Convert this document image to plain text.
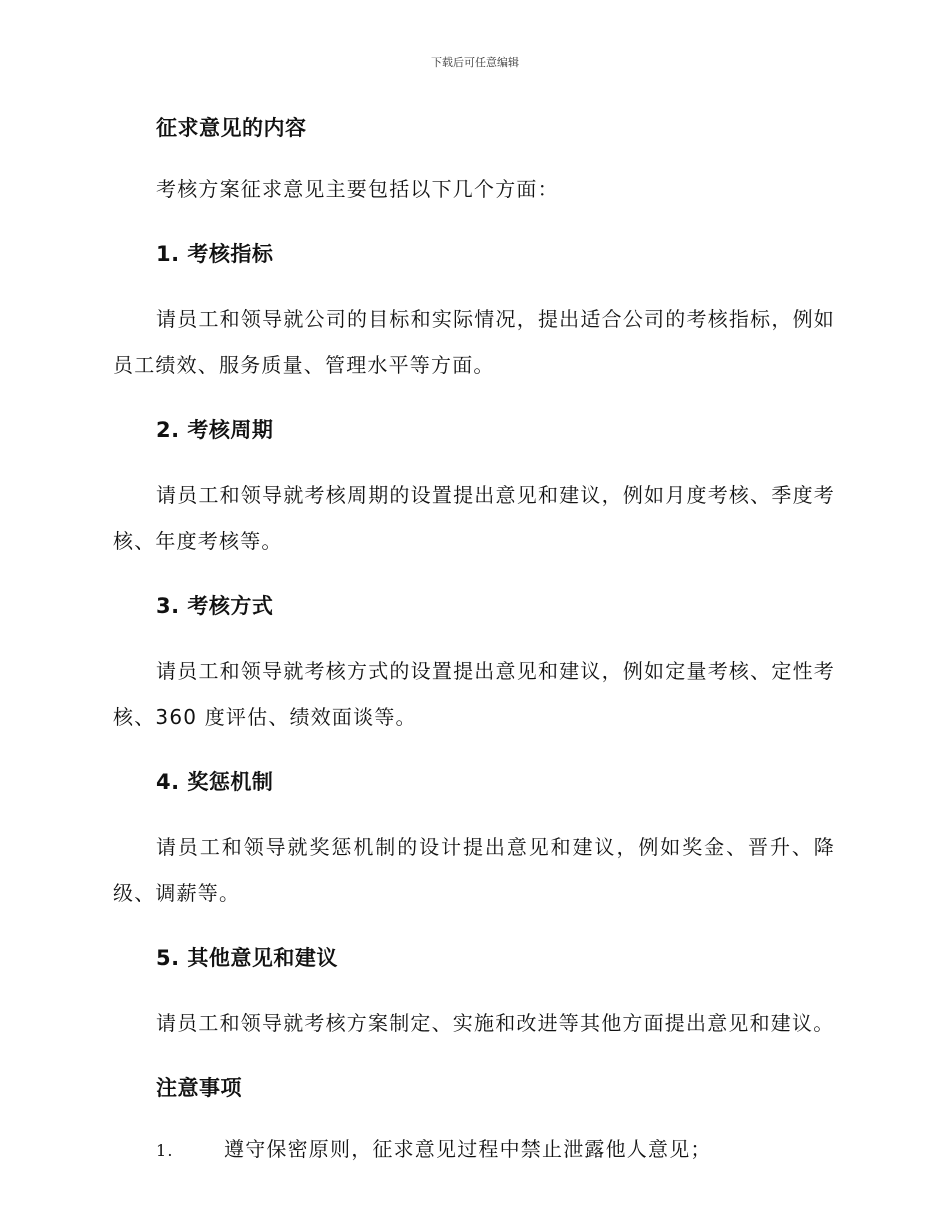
下载后可任意编辑
征求意见的内容

考核方案征求意见主要包括以下几个方面：

1. 考核指标

请员工和领导就公司的目标和实际情况，提出适合公司的考核指标，例如员工绩效、服务质量、管理水平等方面。

2. 考核周期

请员工和领导就考核周期的设置提出意见和建议，例如月度考核、季度考核、年度考核等。

3. 考核方式

请员工和领导就考核方式的设置提出意见和建议，例如定量考核、定性考核、360 度评估、绩效面谈等。

4. 奖惩机制

请员工和领导就奖惩机制的设计提出意见和建议，例如奖金、晋升、降级、调薪等。

5. 其他意见和建议

请员工和领导就考核方案制定、实施和改进等其他方面提出意见和建议。

注意事项
1.	遵守保密原则，征求意见过程中禁止泄露他人意见；
